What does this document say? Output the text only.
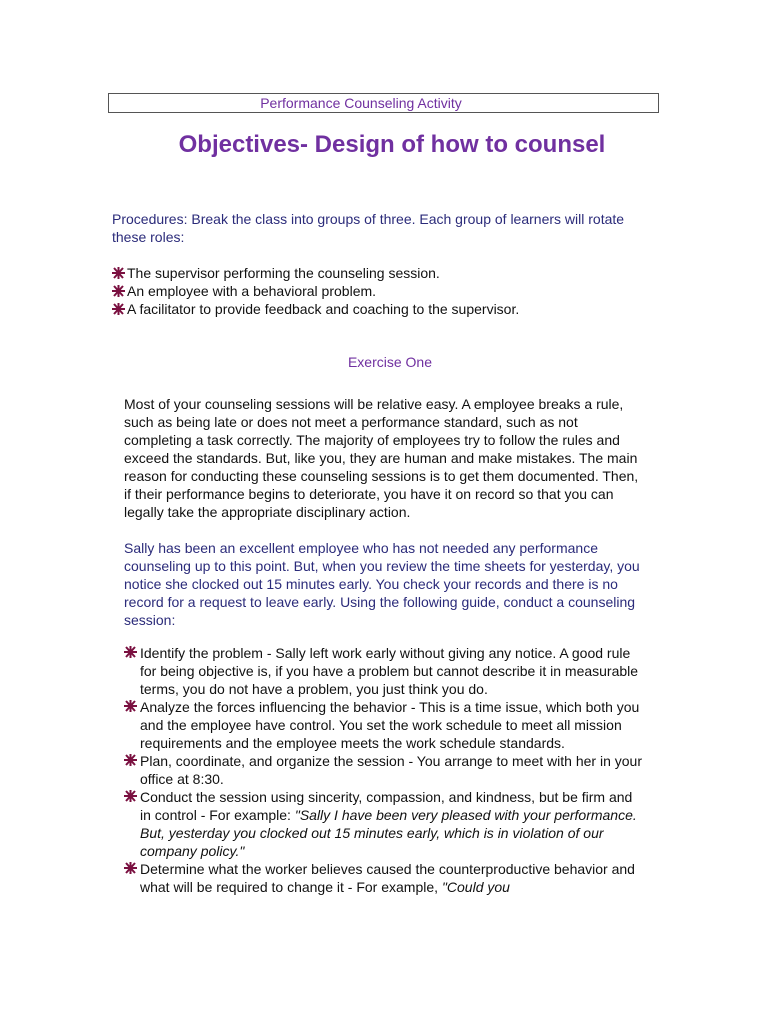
Performance Counseling Activity
Objectives- Design of how to counsel

Procedures: Break the class into groups of three. Each group of learners will rotate these roles:

The supervisor performing the counseling session.
An employee with a behavioral problem.
A facilitator to provide feedback and coaching to the supervisor.
Exercise One

Most of your counseling sessions will be relative easy. A employee breaks a rule, such as being late or does not meet a performance standard, such as not completing a task correctly. The majority of employees try to follow the rules and exceed the standards. But, like you, they are human and make mistakes. The main reason for conducting these counseling sessions is to get them documented. Then, if their performance begins to deteriorate, you have it on record so that you can legally take the appropriate disciplinary action.

Sally has been an excellent employee who has not needed any performance counseling up to this point. But, when you review the time sheets for yesterday, you notice she clocked out 15 minutes early. You check your records and there is no record for a request to leave early. Using the following guide, conduct a counseling session:

Identify the problem - Sally left work early without giving any notice. A good rule for being objective is, if you have a problem but cannot describe it in measurable terms, you do not have a problem, you just think you do.
Analyze the forces influencing the behavior - This is a time issue, which both you and the employee have control. You set the work schedule to meet all mission requirements and the employee meets the work schedule standards.
Plan, coordinate, and organize the session - You arrange to meet with her in your office at 8:30.
Conduct the session using sincerity, compassion, and kindness, but be firm and in control - For example: "Sally I have been very pleased with your performance. But, yesterday you clocked out 15 minutes early, which is in violation of our company policy."
Determine what the worker believes caused the counterproductive behavior and what will be required to change it - For example, "Could you
